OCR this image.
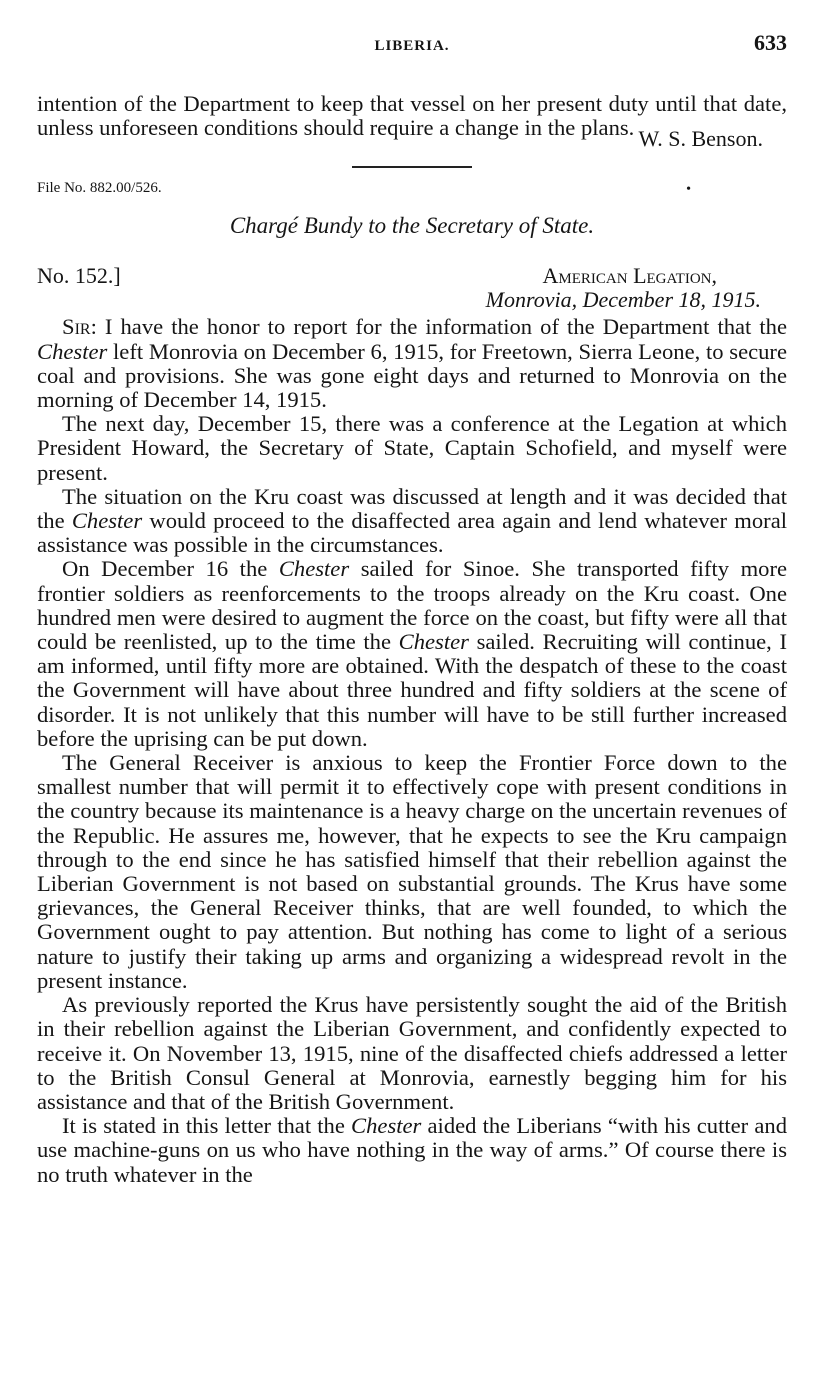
LIBERIA.	633

intention of the Department to keep that vessel on her present duty until that date, unless unforeseen conditions should require a change in the plans. W. S. Benson.
File No. 882.00/526.	•
Chargé Bundy to the Secretary of State.
No. 152.]	American Legation,
Monrovia, December 18, 1915.

Sir: I have the honor to report for the information of the Department that the Chester left Monrovia on December 6, 1915, for Freetown, Sierra Leone, to secure coal and provisions. She was gone eight days and returned to Monrovia on the morning of December 14, 1915.

The next day, December 15, there was a conference at the Legation at which President Howard, the Secretary of State, Captain Schofield, and myself were present.

The situation on the Kru coast was discussed at length and it was decided that the Chester would proceed to the disaffected area again and lend whatever moral assistance was possible in the circumstances.

On December 16 the Chester sailed for Sinoe. She transported fifty more frontier soldiers as reenforcements to the troops already on the Kru coast. One hundred men were desired to augment the force on the coast, but fifty were all that could be reenlisted, up to the time the Chester sailed. Recruiting will continue, I am informed, until fifty more are obtained. With the despatch of these to the coast the Government will have about three hundred and fifty soldiers at the scene of disorder. It is not unlikely that this number will have to be still further increased before the uprising can be put down.

The General Receiver is anxious to keep the Frontier Force down to the smallest number that will permit it to effectively cope with present conditions in the country because its maintenance is a heavy charge on the uncertain revenues of the Republic. He assures me, however, that he expects to see the Kru campaign through to the end since he has satisfied himself that their rebellion against the Liberian Government is not based on substantial grounds. The Krus have some grievances, the General Receiver thinks, that are well founded, to which the Government ought to pay attention. But nothing has come to light of a serious nature to justify their taking up arms and organizing a widespread revolt in the present instance.

As previously reported the Krus have persistently sought the aid of the British in their rebellion against the Liberian Government, and confidently expected to receive it. On November 13, 1915, nine of the disaffected chiefs addressed a letter to the British Consul General at Monrovia, earnestly begging him for his assistance and that of the British Government.

It is stated in this letter that the Chester aided the Liberians “with his cutter and use machine-guns on us who have nothing in the way of arms.” Of course there is no truth whatever in the
